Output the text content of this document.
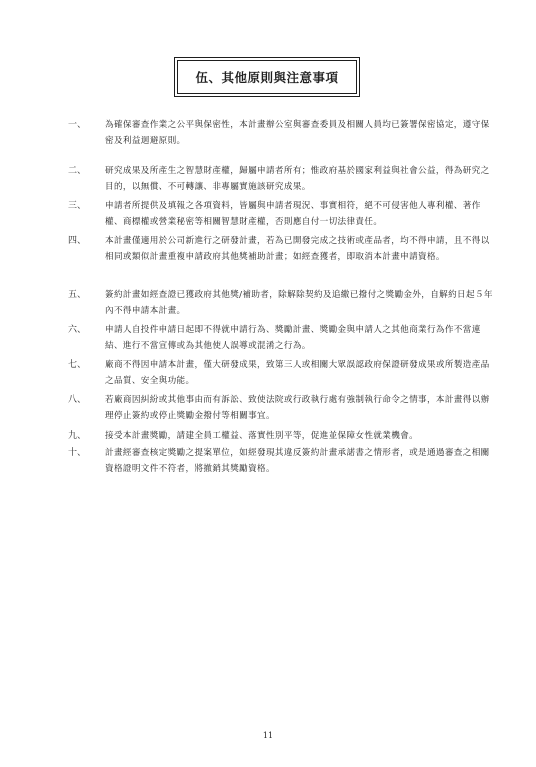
伍、其他原則與注意事項
一、	為確保審查作業之公平與保密性，本計畫辦公室與審查委員及相關人員均已簽署保密協定，遵守保密及利益迴避原則。
二、	研究成果及所產生之智慧財產權，歸屬申請者所有；惟政府基於國家利益與社會公益，得為研究之目的，以無償、不可轉讓、非專屬實施該研究成果。
三、	申請者所提供及填報之各項資料，皆屬與申請者現況、事實相符，絕不可侵害他人專利權、著作權、商標權或營業秘密等相關智慧財產權，否則應自付一切法律責任。
四、	本計畫僅適用於公司新進行之研發計畫，若為已開發完成之技術或產品者，均不得申請，且不得以相同或類似計畫重複申請政府其他獎補助計畫；如經查獲者，即取消本計畫申請資格。
五、	簽約計畫如經查證已獲政府其他獎/補助者，除解除契約及追繳已撥付之獎勵金外，自解約日起５年內不得申請本計畫。
六、	申請人自投件申請日起即不得就申請行為、獎勵計畫、獎勵金與申請人之其他商業行為作不當連結、進行不當宣傳或為其他使人誤導或混淆之行為。
七、	廠商不得因申請本計畫，僅大研發成果，致第三人或相關大眾誤認政府保證研發成果或所製造產品之品質、安全與功能。
八、	若廠商因糾紛或其他事由而有訴訟、致使法院或行政執行處有強制執行命令之情事，本計畫得以辦理停止簽約或停止獎勵金撥付等相關事宜。
九、	接受本計畫獎勵，請建全員工權益、落實性別平等，促進並保障女性就業機會。
十、	計畫經審查核定獎勵之提案單位，如經發現其違反簽約計畫承諾書之情形者，或是通過審查之相關資格證明文件不符者，將撤銷其獎勵資格。
11
